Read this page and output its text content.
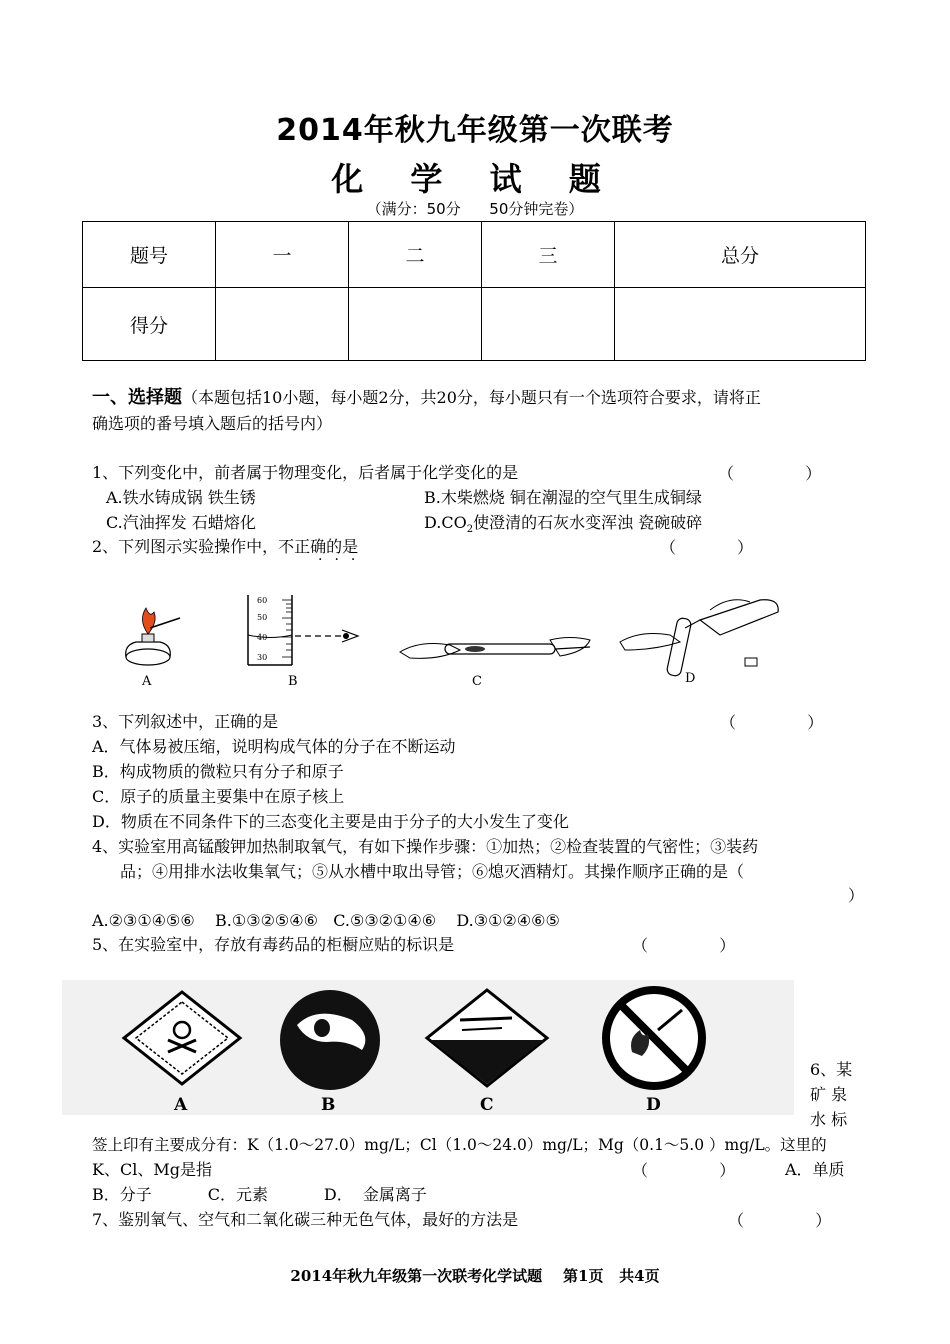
2014年秋九年级第一次联考
化 学 试 题
（满分：50分      50分钟完卷）
题号	一	二	三	总分
得分				
一、选择题（本题包括10小题，每小题2分，共20分，每小题只有一个选项符合要求，请将正
确选项的番号填入题后的括号内）
1、下列变化中，前者属于物理变化，后者属于化学变化的是	（              ）
A.铁水铸成锅 铁生锈	B.木柴燃烧 铜在潮湿的空气里生成铜绿
C.汽油挥发 石蜡熔化	$D.CO_2$使澄清的石灰水变浑浊 瓷碗破碎
2、下列图示实验操作中，不正确的是
···
（            ）
A
60
50
40
30
B	C	D
3、下列叙述中，正确的是	（              ）
A．气体易被压缩，说明构成气体的分子在不断运动
B．构成物质的微粒只有分子和原子
C．原子的质量主要集中在原子核上
D．物质在不同条件下的三态变化主要是由于分子的大小发生了变化
4、实验室用高锰酸钾加热制取氧气，有如下操作步骤：①加热；②检查装置的气密性；③装药
品；④用排水法收集氧气；⑤从水槽中取出导管；⑥熄灭酒精灯。其操作顺序正确的是（
）
A.②③①④⑤⑥    B.①③②⑤④⑥   C.⑤③②①④⑥    D.③①②④⑥⑤
5、在实验室中，存放有毒药品的柜橱应贴的标识是	（              ）
A	B	C	D
6、某
矿 泉
水 标
签上印有主要成分有：K（1.0～27.0）mg/L；Cl（1.0～24.0）mg/L；Mg（0.1～5.0 ）mg/L。这里的
K、Cl、Mg是指	（              ）	A．单质
B．分子           C．元素           D．  金属离子
7、鉴别氧气、空气和二氧化碳三种无色气体，最好的方法是	（              ）
2014年秋九年级第一次联考化学试题    第1页   共4页
